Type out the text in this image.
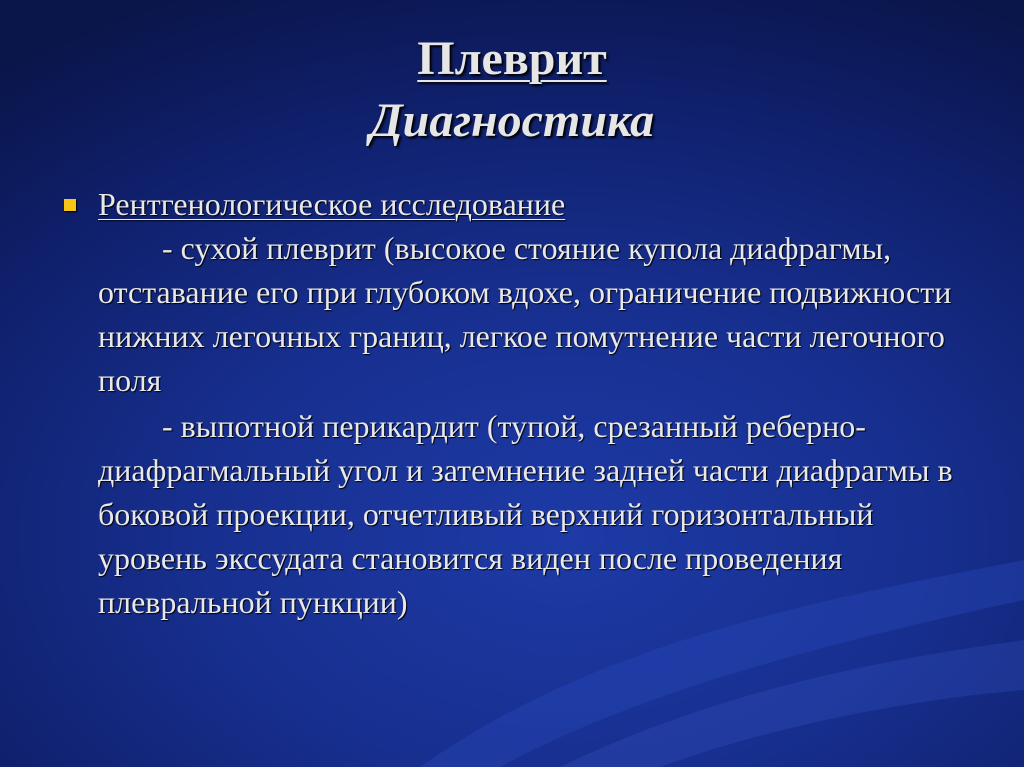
Плеврит
Диагностика
Рентгенологическое исследование

- сухой плеврит (высокое стояние купола диафрагмы, отставание его при глубоком вдохе, ограничение подвижности нижних легочных границ, легкое помутнение части легочного поля

- выпотной перикардит (тупой, срезанный реберно-диафрагмальный угол и затемнение задней части диафрагмы в боковой проекции, отчетливый верхний горизонтальный уровень экссудата становится виден после проведения плевральной пункции)
